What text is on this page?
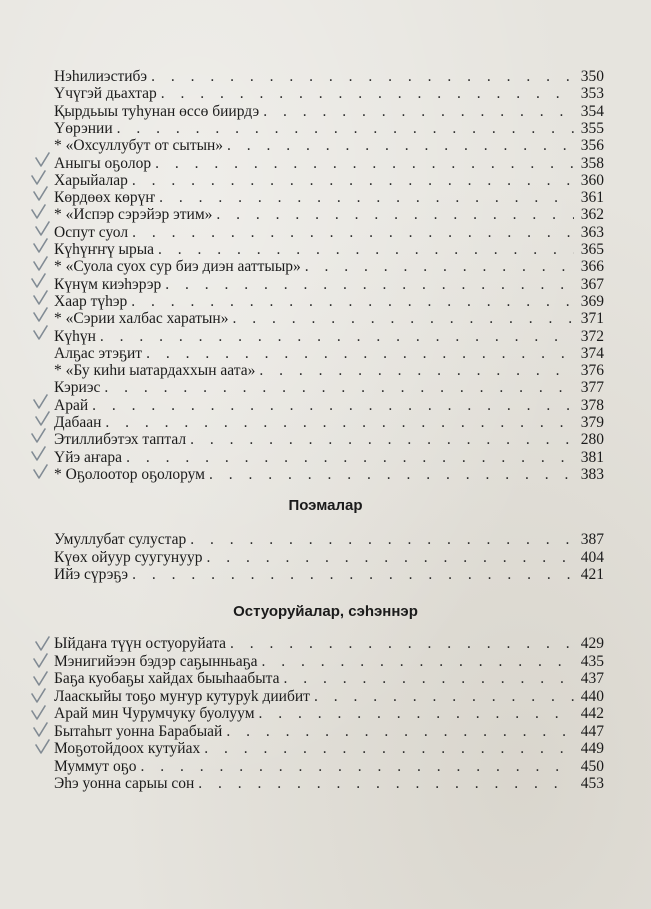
Нэһилиэстибэ . . .	350
Үчүгэй дьахтар . . .	353
Қырдьыы туһунан өссө биирдэ . . .	354
Үөрэнии . . .	355
* «Охсуллубут от сытын» . . .	356
Аныгы оҕолор . . .	358
Харыйалар . . .	360
Көрдөөх көрүҥ . . .	361
* «Испэр сэрэйэр этим» . . .	362
Оспут суол . . .	363
Күһүҥҥү ырыа . . .	365
* «Суола суох сур биэ диэн ааттыыр» . . .	366
Күнүм киэһэрэр . . .	367
Хаар түһэр . . .	369
* «Сэрии халбас харатын» . . .	371
Күһүн . . .	372
Алҕас этэҕит . . .	374
* «Бу киһи ыатардаххын аата» . . .	376
Кэриэс . . .	377
Арай . . .	378
Дабаан . . .	379
Этиллибэтэх таптал . . .	280
Үйэ аҥара . . .	381
* Оҕолоотор оҕолорум . . .	383
Поэмалар
Умуллубат сулустар . . .	387
Күөх ойуур суугунуур . . .	404
Ийэ сүрэҕэ . . .	421
Остуоруйалар, сэһэннэр
Ыйдаҥа түүн остуоруйата . . .	429
Мэнигийээн бэдэр саҕынньаҕа . . .	435
Баҕа куобаҕы хайдах быыһаабыта . . .	437
Лааскыйы тоҕо муҥур кутуруk диибит . . .	440
Арай мин Чурумчуку буолуум . . .	442
Бытаһыт уонна Барабыай . . .	447
Моҕотойдоох кутуйах . . .	449
Муммут оҕо . . .	450
Эһэ уонна сарыы сон . . .	453
